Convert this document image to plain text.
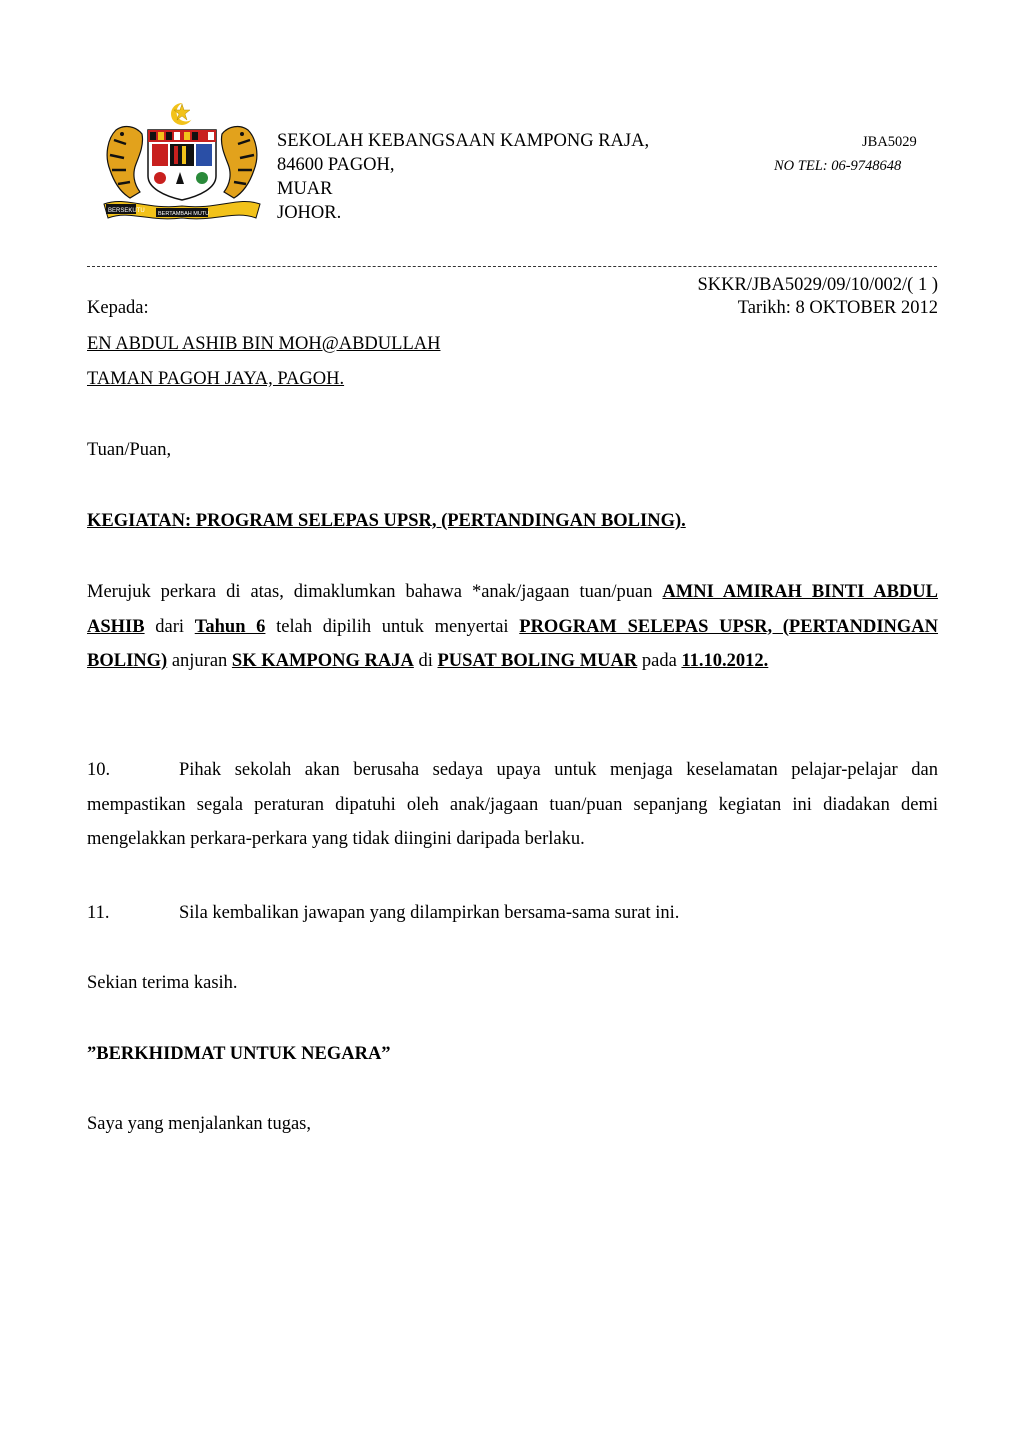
BERSEKUTU BERTAMBAH MUTU
SEKOLAH KEBANGSAAN KAMPONG RAJA,
84600 PAGOH,
MUAR
JOHOR.
JBA5029
NO TEL: 06-9748648
SKKR/JBA5029/09/10/002/( 1 )
Kepada:	Tarikh: 8 OKTOBER 2012
EN ABDUL ASHIB BIN MOH@ABDULLAH
TAMAN PAGOH JAYA, PAGOH.
Tuan/Puan,
KEGIATAN: PROGRAM SELEPAS UPSR, (PERTANDINGAN BOLING).
Merujuk perkara di atas, dimaklumkan bahawa *anak/jagaan tuan/puan AMNI AMIRAH BINTI ABDUL ASHIB dari Tahun 6 telah dipilih untuk menyertai PROGRAM SELEPAS UPSR, (PERTANDINGAN BOLING) anjuran SK KAMPONG RAJA di PUSAT BOLING MUAR pada 11.10.2012.
10.	Pihak sekolah akan berusaha sedaya upaya untuk menjaga keselamatan pelajar-pelajar dan mempastikan segala peraturan dipatuhi oleh anak/jagaan tuan/puan sepanjang kegiatan ini diadakan demi mengelakkan perkara-perkara yang tidak diingini daripada berlaku.
11.	Sila kembalikan jawapan yang dilampirkan bersama-sama surat ini.
Sekian terima kasih.
”BERKHIDMAT UNTUK NEGARA”
Saya yang menjalankan tugas,
